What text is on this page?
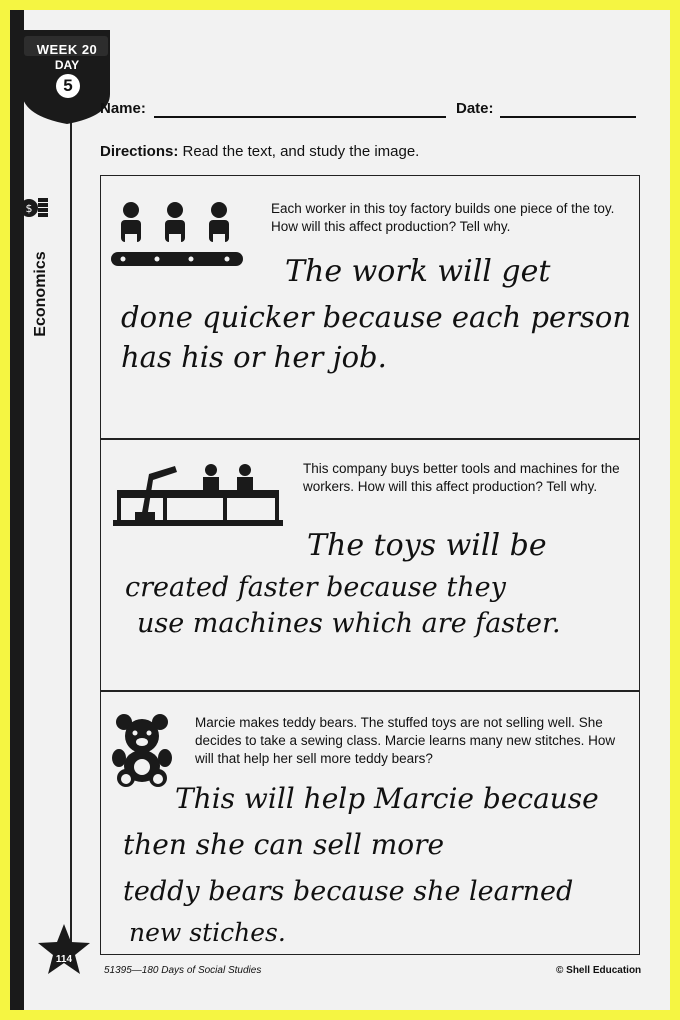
WEEK 20
DAY
5
Name:	Date:
Directions: Read the text, and study the image.
$
Economics
Each worker in this toy factory builds one piece of the toy. How will this affect production? Tell why.
The work will get
done quicker because each person
has his or her job.
This company buys better tools and machines for the workers. How will this affect production? Tell why.
The toys will be
created faster because they
use machines which are faster.
Marcie makes teddy bears. The stuffed toys are not selling well. She decides to take a sewing class. Marcie learns many new stitches. How will that help her sell more teddy bears?
This will help Marcie because
then she can sell more
teddy bears because she learned
new stiches.
114
51395—180 Days of Social Studies	© Shell Education
